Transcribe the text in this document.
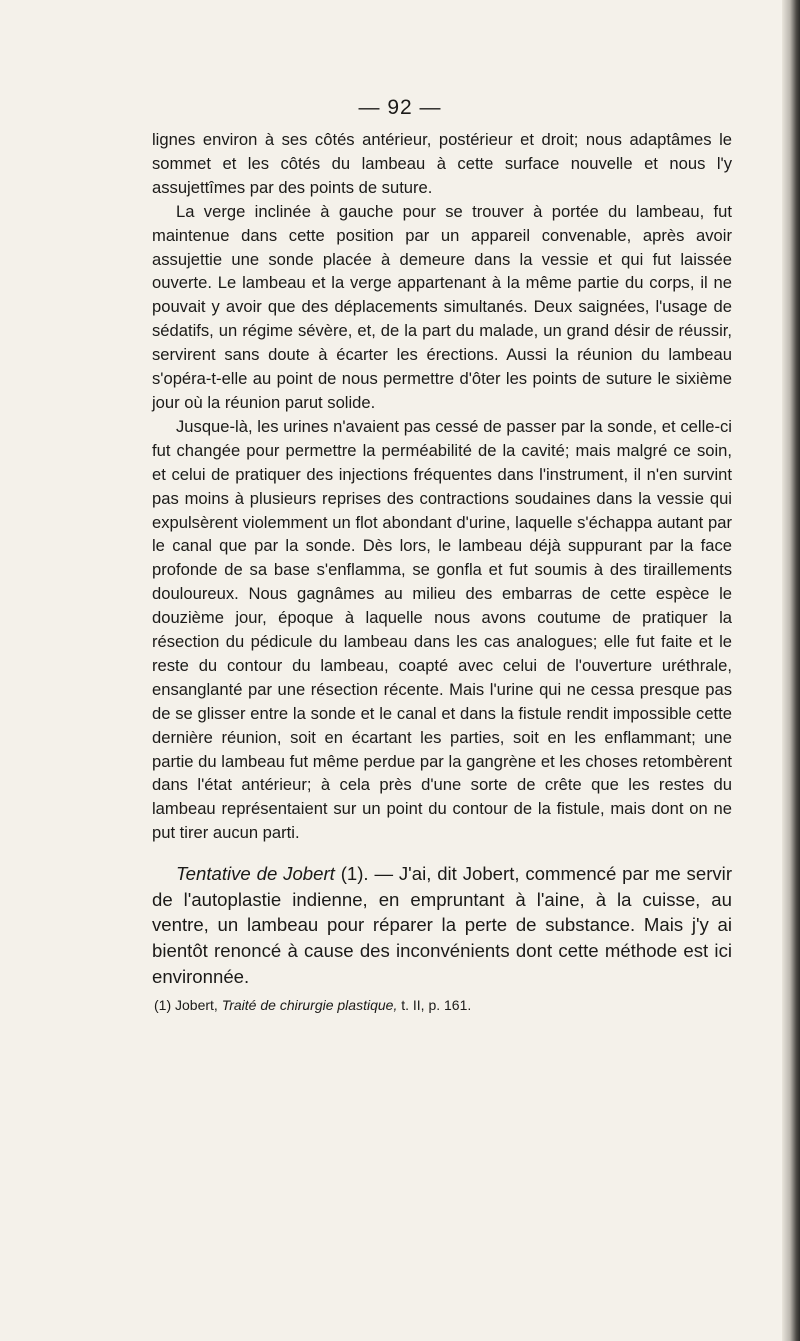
— 92 —

lignes environ à ses côtés antérieur, postérieur et droit; nous adaptâmes le sommet et les côtés du lambeau à cette surface nouvelle et nous l'y assujettîmes par des points de suture.

La verge inclinée à gauche pour se trouver à portée du lambeau, fut maintenue dans cette position par un appareil convenable, après avoir assujettie une sonde placée à demeure dans la vessie et qui fut laissée ouverte. Le lambeau et la verge appartenant à la même partie du corps, il ne pouvait y avoir que des déplacements simultanés. Deux saignées, l'usage de sédatifs, un régime sévère, et, de la part du malade, un grand désir de réussir, servirent sans doute à écarter les érections. Aussi la réunion du lambeau s'opéra-t-elle au point de nous permettre d'ôter les points de suture le sixième jour où la réunion parut solide.

Jusque-là, les urines n'avaient pas cessé de passer par la sonde, et celle-ci fut changée pour permettre la perméabilité de la cavité; mais malgré ce soin, et celui de pratiquer des injections fréquentes dans l'instrument, il n'en survint pas moins à plusieurs reprises des contractions soudaines dans la vessie qui expulsèrent violemment un flot abondant d'urine, laquelle s'échappa autant par le canal que par la sonde. Dès lors, le lambeau déjà suppurant par la face profonde de sa base s'enflamma, se gonfla et fut soumis à des tiraillements douloureux. Nous gagnâmes au milieu des embarras de cette espèce le douzième jour, époque à laquelle nous avons coutume de pratiquer la résection du pédicule du lambeau dans les cas analogues; elle fut faite et le reste du contour du lambeau, coapté avec celui de l'ouverture uréthrale, ensanglanté par une résection récente. Mais l'urine qui ne cessa presque pas de se glisser entre la sonde et le canal et dans la fistule rendit impossible cette dernière réunion, soit en écartant les parties, soit en les enflammant; une partie du lambeau fut même perdue par la gangrène et les choses retombèrent dans l'état antérieur; à cela près d'une sorte de crête que les restes du lambeau représentaient sur un point du contour de la fistule, mais dont on ne put tirer aucun parti.

Tentative de Jobert (1). — J'ai, dit Jobert, commencé par me servir de l'autoplastie indienne, en empruntant à l'aine, à la cuisse, au ventre, un lambeau pour réparer la perte de substance. Mais j'y ai bientôt renoncé à cause des inconvénients dont cette méthode est ici environnée.

(1) Jobert, Traité de chirurgie plastique, t. II, p. 161.
